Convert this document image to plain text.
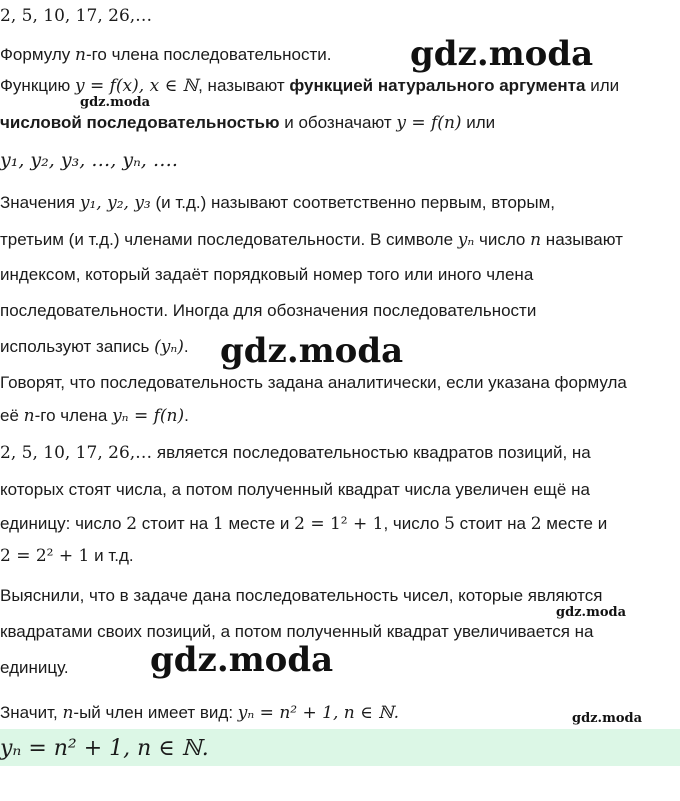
2, 5, 10, 17, 26,…
Формулу n-го члена последовательности.
Функцию y = f(x), x ∈ ℕ, называют функцией натурального аргумента или
числовой последовательностью и обозначают y = f(n) или
y₁, y₂, y₃, …, yₙ, ….
Значения y₁, y₂, y₃ (и т.д.) называют соответственно первым, вторым,
третьим (и т.д.) членами последовательности. В символе yₙ число n называют
индексом, который задаёт порядковый номер того или иного члена
последовательности. Иногда для обозначения последовательности
используют запись (yₙ).
Говорят, что последовательность задана аналитически, если указана формула
её n-го члена yₙ = f(n).
2, 5, 10, 17, 26,… является последовательностью квадратов позиций, на
которых стоят числа, а потом полученный квадрат числа увеличен ещё на
единицу: число 2 стоит на 1 месте и 2 = 1² + 1, число 5 стоит на 2 месте и
2 = 2² + 1 и т.д.
Выяснили, что в задаче дана последовательность чисел, которые являются
квадратами своих позиций, а потом полученный квадрат увеличивается на
единицу.
Значит, n-ый член имеет вид: yₙ = n² + 1, n ∈ ℕ.
yₙ = n² + 1, n ∈ ℕ.
gdz.moda
gdz.moda
gdz.moda
gdz.moda
gdz.moda
gdz.moda
